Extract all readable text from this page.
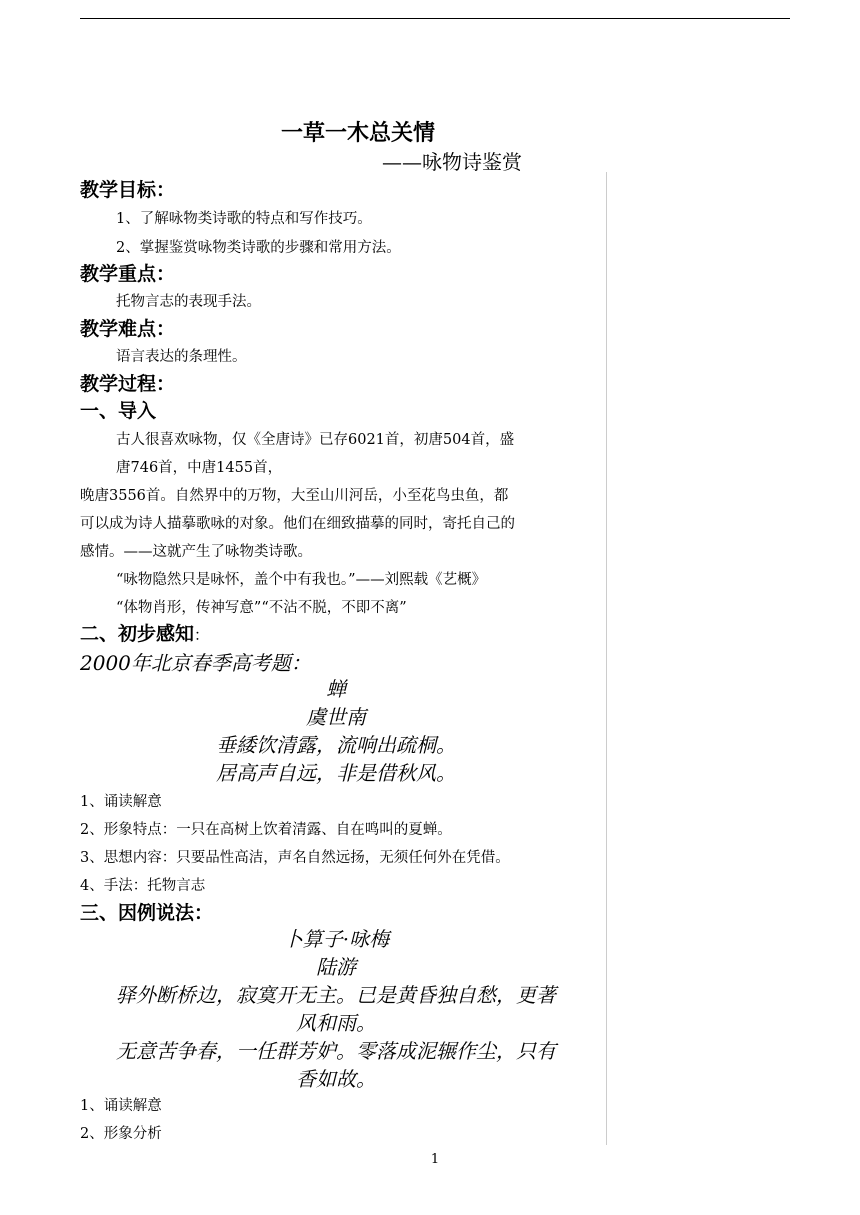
一草一木总关情
——咏物诗鉴赏
教学目标：
1、了解咏物类诗歌的特点和写作技巧。
2、掌握鉴赏咏物类诗歌的步骤和常用方法。
教学重点：
托物言志的表现手法。
教学难点：
语言表达的条理性。
教学过程：
一、导入
古人很喜欢咏物，仅《全唐诗》已存6021首，初唐504首，盛
唐746首，中唐1455首，
晚唐3556首。自然界中的万物，大至山川河岳，小至花鸟虫鱼，都
可以成为诗人描摹歌咏的对象。他们在细致描摹的同时，寄托自己的
感情。——这就产生了咏物类诗歌。
“咏物隐然只是咏怀，盖个中有我也。”——刘熙载《艺概》
“体物肖形，传神写意”“不沾不脱，不即不离”
二、初步感知：
2000年北京春季高考题：
蝉
虞世南
垂緌饮清露，流响出疏桐。
居高声自远，非是借秋风。
1、诵读解意
2、形象特点：一只在高树上饮着清露、自在鸣叫的夏蝉。
3、思想内容：只要品性高洁，声名自然远扬，无须任何外在凭借。
4、手法：托物言志
三、因例说法：
卜算子·咏梅
陆游
驿外断桥边，寂寞开无主。已是黄昏独自愁，更著
风和雨。
无意苦争春，一任群芳妒。零落成泥辗作尘，只有
香如故。
1、诵读解意
2、形象分析
1
